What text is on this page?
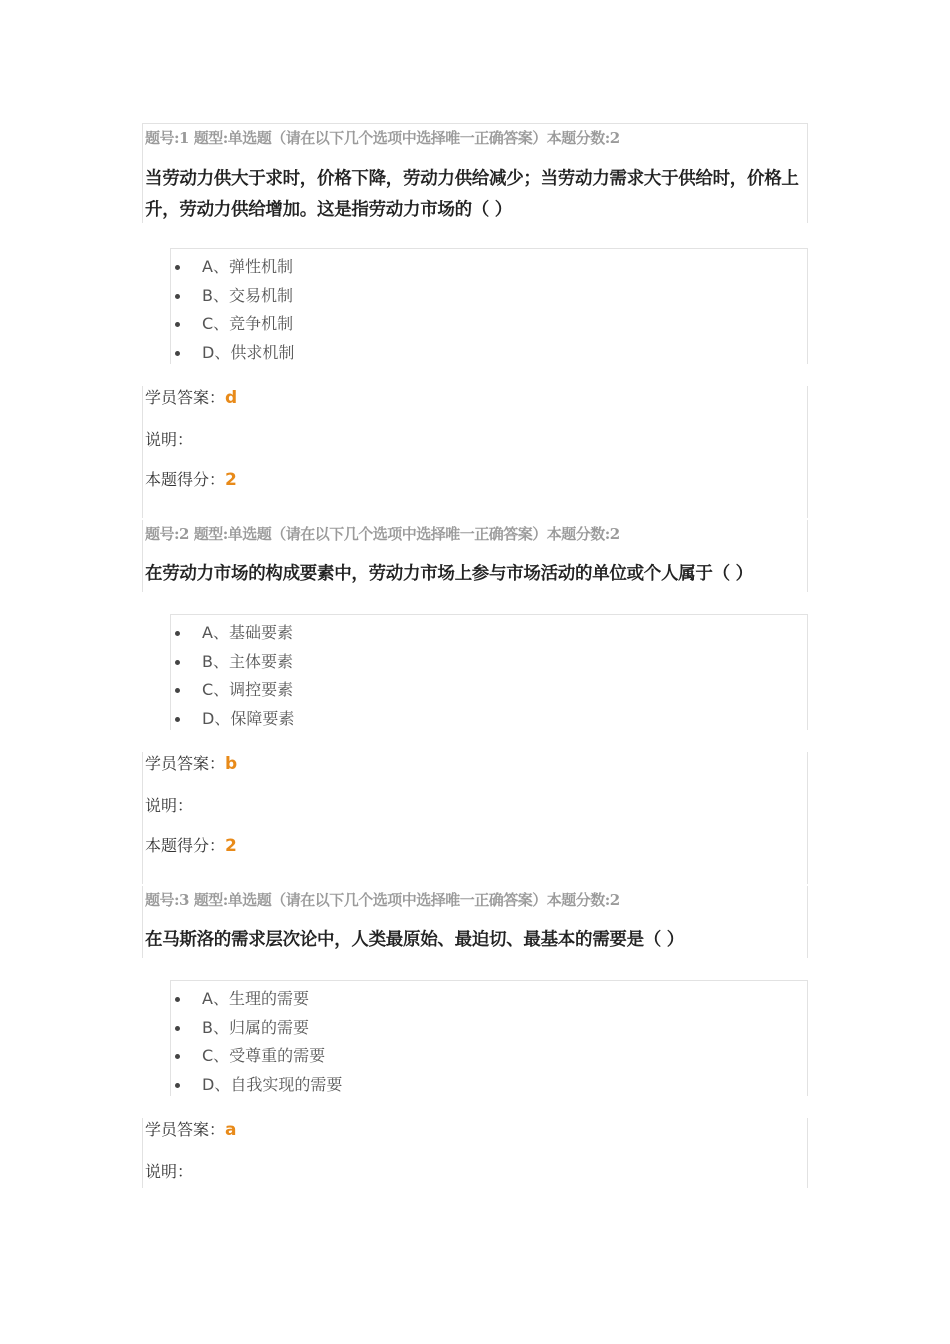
题号:1 题型:单选题（请在以下几个选项中选择唯一正确答案）本题分数:2
当劳动力供大于求时，价格下降，劳动力供给减少；当劳动力需求大于供给时，价格上升，劳动力供给增加。这是指劳动力市场的（ ）
A、弹性机制
B、交易机制
C、竞争机制
D、供求机制
学员答案：d
说明：
本题得分：2
题号:2 题型:单选题（请在以下几个选项中选择唯一正确答案）本题分数:2
在劳动力市场的构成要素中，劳动力市场上参与市场活动的单位或个人属于（ ）
A、基础要素
B、主体要素
C、调控要素
D、保障要素
学员答案：b
说明：
本题得分：2
题号:3 题型:单选题（请在以下几个选项中选择唯一正确答案）本题分数:2
在马斯洛的需求层次论中，人类最原始、最迫切、最基本的需要是（ ）
A、生理的需要
B、归属的需要
C、受尊重的需要
D、自我实现的需要
学员答案：a
说明：
